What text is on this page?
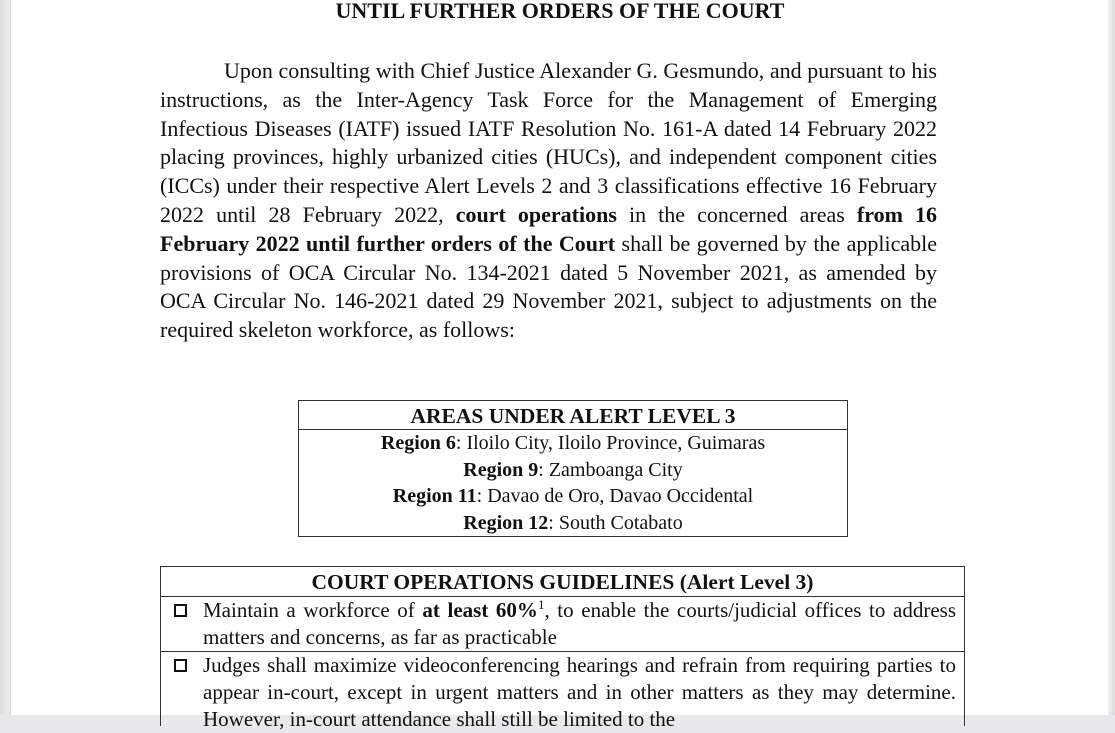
UNTIL FURTHER ORDERS OF THE COURT

Upon consulting with Chief Justice Alexander G. Gesmundo, and pursuant to his instructions, as the Inter-Agency Task Force for the Management of Emerging Infectious Diseases (IATF) issued IATF Resolution No. 161-A dated 14 February 2022 placing provinces, highly urbanized cities (HUCs), and independent component cities (ICCs) under their respective Alert Levels 2 and 3 classifications effective 16 February 2022 until 28 February 2022, court operations in the concerned areas from 16 February 2022 until further orders of the Court shall be governed by the applicable provisions of OCA Circular No. 134-2021 dated 5 November 2021, as amended by OCA Circular No. 146-2021 dated 29 November 2021, subject to adjustments on the required skeleton workforce, as follows:

AREAS UNDER ALERT LEVEL 3
Region 6: Iloilo City, Iloilo Province, Guimaras
Region 9: Zamboanga City
Region 11: Davao de Oro, Davao Occidental
Region 12: South Cotabato
COURT OPERATIONS GUIDELINES (Alert Level 3)
Maintain a workforce of at least 60%$^1$, to enable the courts/judicial offices to address matters and concerns, as far as practicable
Judges shall maximize videoconferencing hearings and refrain from requiring parties to appear in-court, except in urgent matters and in other matters as they may determine. However, in-court attendance shall still be limited to the
